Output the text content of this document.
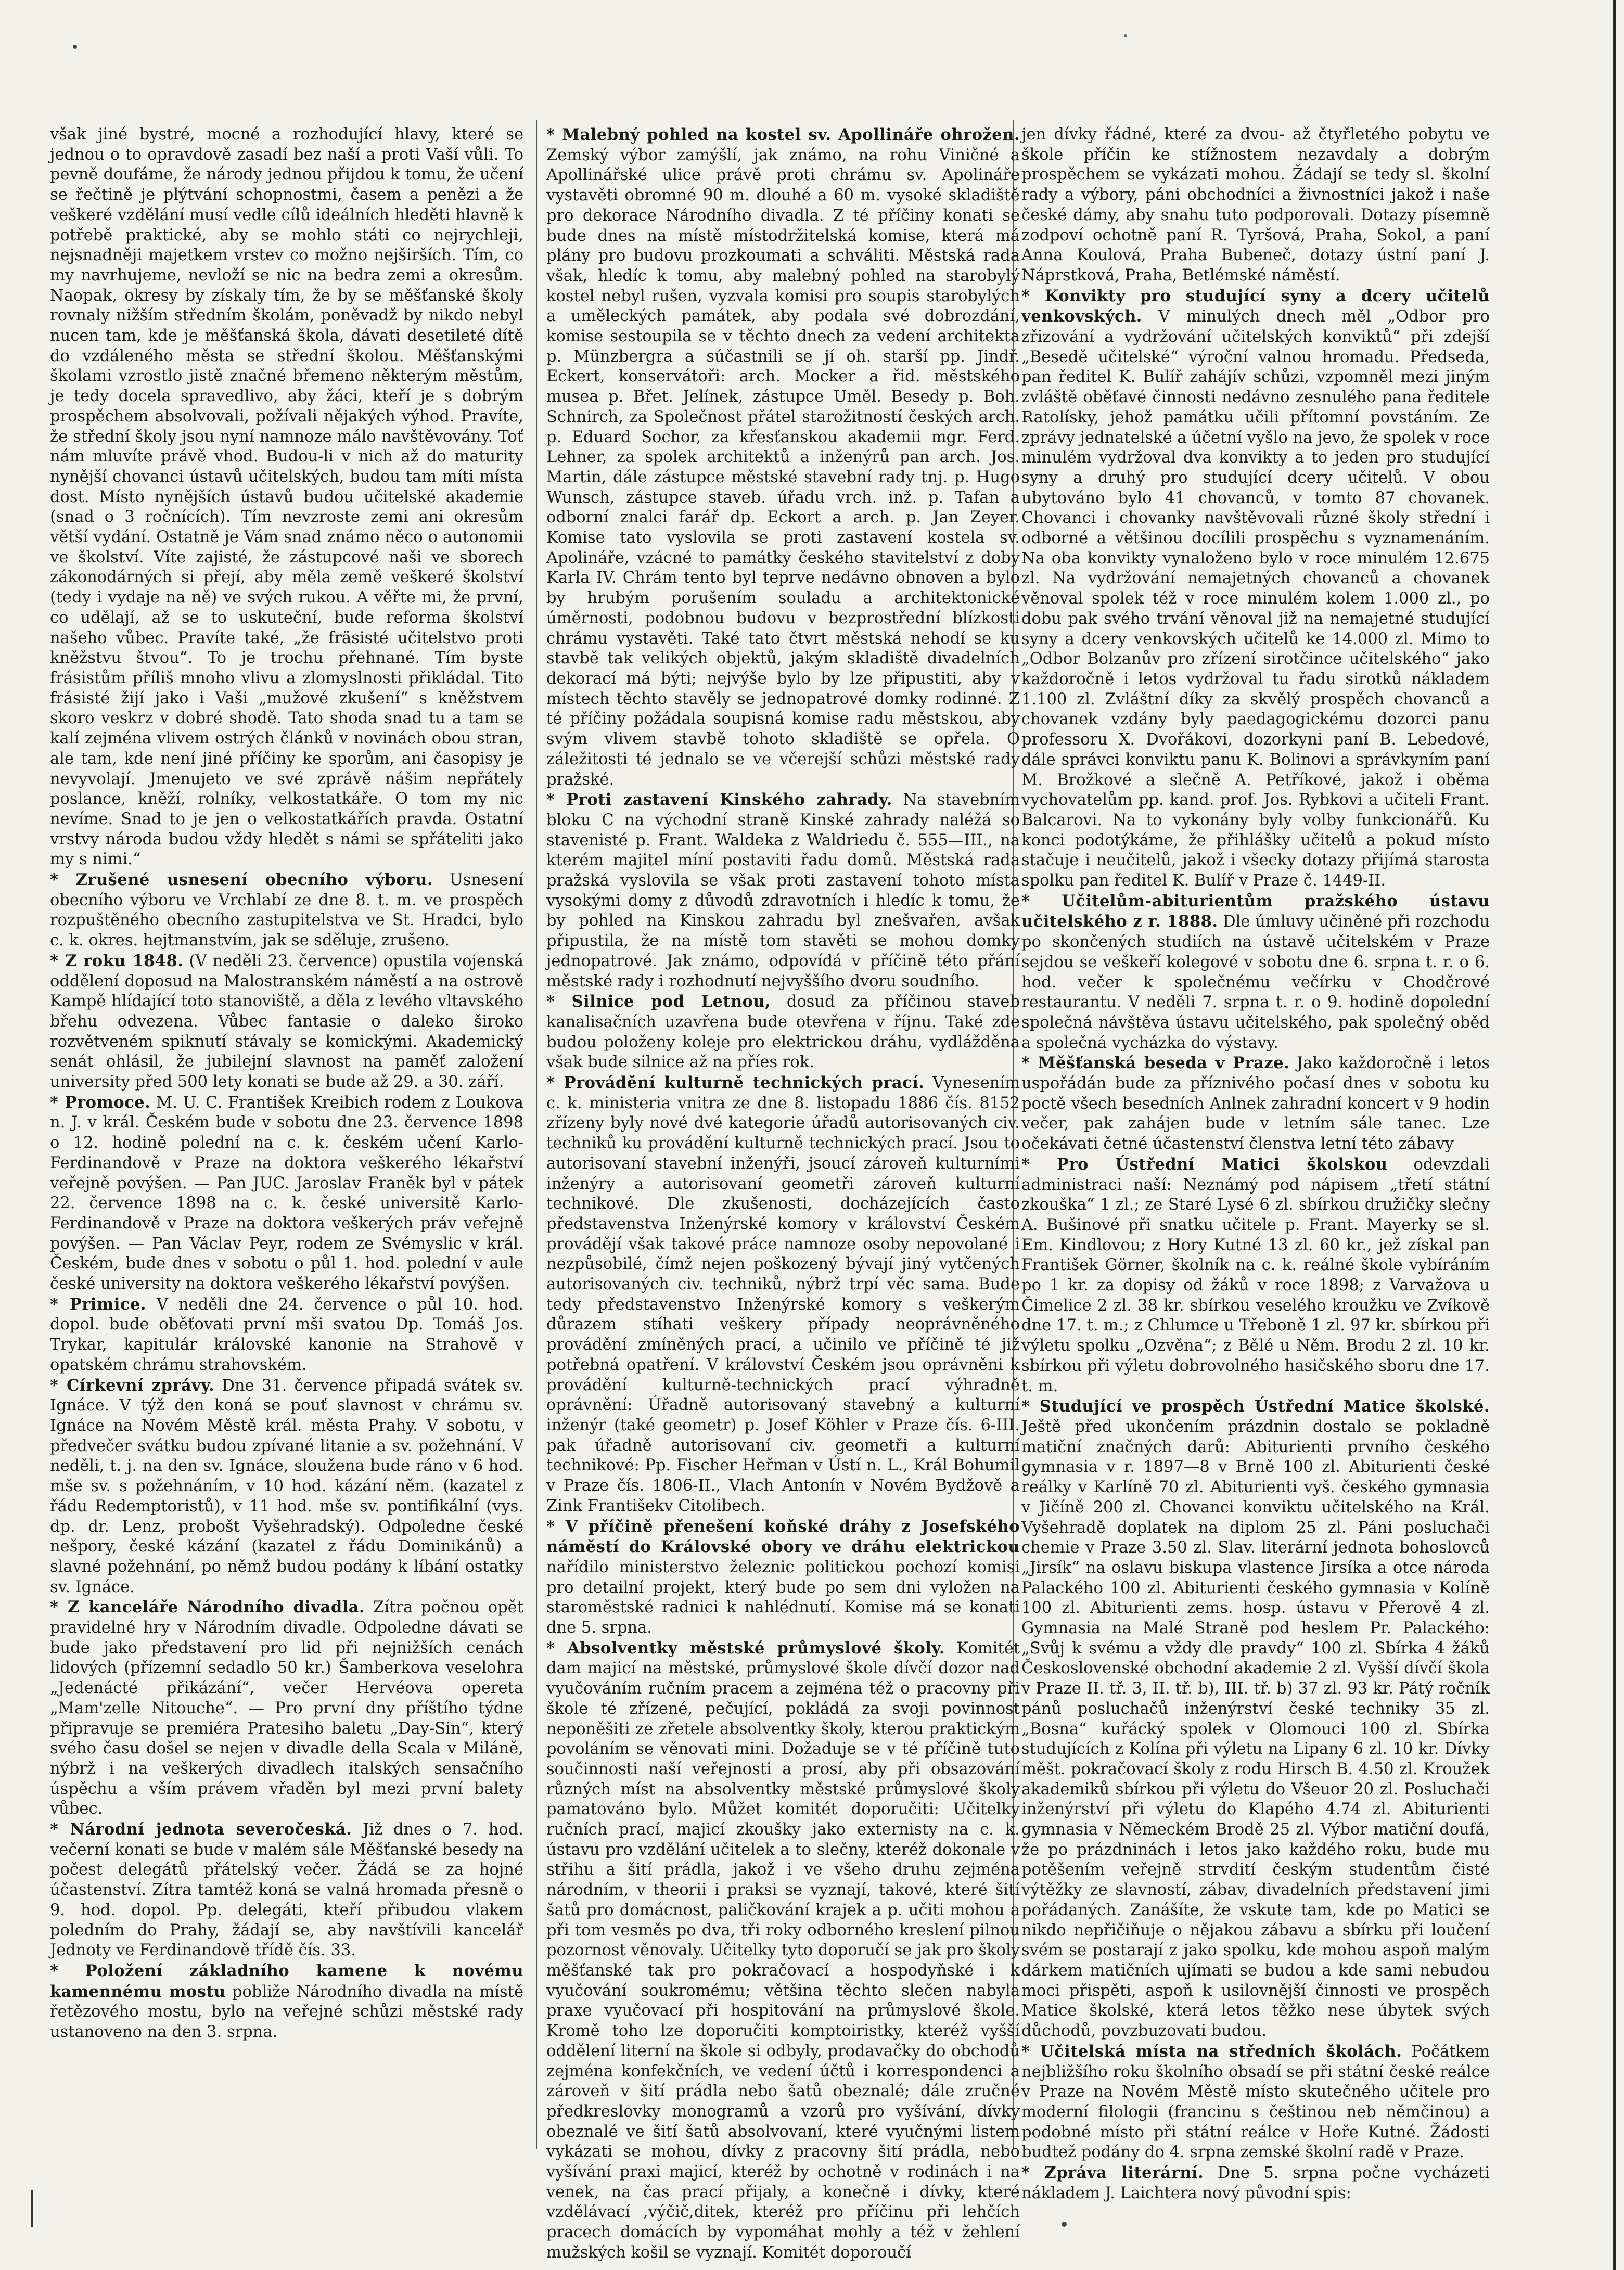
však jiné bystré, mocné a rozhodující hlavy, které se jednou o to opravdově zasadí bez naší a proti Vaší vůli. To pevně doufáme, že národy jednou přijdou k tomu, že učení se řečtině je plýtvání schopnostmi, časem a penězi a že veškeré vzdělání musí vedle cílů ideálních hleděti hlavně k potřebě praktické, aby se mohlo státi co nejrychleji, nejsnadněji majetkem vrstev co možno nejširších. Tím, co my navrhujeme, nevloží se nic na bedra zemi a okresům. Naopak, okresy by získaly tím, že by se měšťanské školy rovnaly nižším středním školám, poněvadž by nikdo nebyl nucen tam, kde je měšťanská škola, dávati desetileté dítě do vzdáleného města se střední školou. Měšťanskými školami vzrostlo jistě značné břemeno některým městům, je tedy docela spravedlivo, aby žáci, kteří je s dobrým prospěchem absolvovali, požívali nějakých výhod. Pravíte, že střední školy jsou nyní namnoze málo navštěvovány. Toť nám mluvíte právě vhod. Budou-li v nich až do maturity nynější chovanci ústavů učitelských, budou tam míti místa dost. Místo nynějších ústavů budou učitelské akademie (snad o 3 ročnících). Tím nevzroste zemi ani okresům větší vydání. Ostatně je Vám snad známo něco o autonomii ve školství. Víte zajisté, že zástupcové naši ve sborech zákonodárných si přejí, aby měla země veškeré školství (tedy i vydaje na ně) ve svých rukou. A věřte mi, že první, co udělají, až se to uskuteční, bude reforma školství našeho vůbec. Pravíte také, „že fräsisté učitelstvo proti kněžstvu štvou“. To je trochu přehnané. Tím byste frásistům příliš mnoho vlivu a zlomyslnosti přikládal. Tito frásisté žijí jako i Vaši „mužové zkušení“ s kněžstvem skoro veskrz v dobré shodě. Tato shoda snad tu a tam se kalí zejména vlivem ostrých článků v novinách obou stran, ale tam, kde není jiné příčiny ke sporům, ani časopisy je nevyvolají. Jmenujeto ve své zprávě nášim nepřátely poslance, kněží, rolníky, velkostatkáře. O tom my nic nevíme. Snad to je jen o velkostatkářích pravda. Ostatní vrstvy národa budou vždy hledět s námi se spřáteliti jako my s nimi.“

* Zrušené usnesení obecního výboru. Usnesení obecního výboru ve Vrchlabí ze dne 8. t. m. ve prospěch rozpuštěného obecního zastupitelstva ve St. Hradci, bylo c. k. okres. hejtmanstvím, jak se sděluje, zrušeno.

* Z roku 1848. (V neděli 23. července) opustila vojenská oddělení doposud na Malostranském náměstí a na ostrově Kampě hlídající toto stanoviště, a děla z levého vltavského břehu odvezena. Vůbec fantasie o daleko široko rozvětveném spiknutí stávaly se komickými. Akademický senát ohlásil, že jubilejní slavnost na paměť založení university před 500 lety konati se bude až 29. a 30. září.

* Promoce. M. U. C. František Kreibich rodem z Loukova n. J. v král. Českém bude v sobotu dne 23. července 1898 o 12. hodině polední na c. k. českém učení Karlo-Ferdinandově v Praze na doktora veškerého lékařství veřejně povýšen. — Pan JUC. Jaroslav Franěk byl v pátek 22. července 1898 na c. k. české universitě Karlo-Ferdinandově v Praze na doktora veškerých práv veřejně povýšen. — Pan Václav Peyr, rodem ze Svémyslic v král. Českém, bude dnes v sobotu o půl 1. hod. polední v aule české university na doktora veškerého lékařství povýšen.

* Primice. V neděli dne 24. července o půl 10. hod. dopol. bude oběťovati první mši svatou Dp. Tomáš Jos. Trykar, kapitulár královské kanonie na Strahově v opatském chrámu strahovském.

* Církevní zprávy. Dne 31. července připadá svátek sv. Ignáce. V týž den koná se pouť slavnost v chrámu sv. Ignáce na Novém Městě král. města Prahy. V sobotu, v předvečer svátku budou zpívané litanie a sv. požehnání. V neděli, t. j. na den sv. Ignáce, sloužena bude ráno v 6 hod. mše sv. s požehnáním, v 10 hod. kázání něm. (kazatel z řádu Redemptoristů), v 11 hod. mše sv. pontifikální (vys. dp. dr. Lenz, probošt Vyšehradský). Odpoledne české nešpory, české kázání (kazatel z řádu Dominikánů) a slavné požehnání, po němž budou podány k líbání ostatky sv. Ignáce.

* Z kanceláře Národního divadla. Zítra počnou opět pravidelné hry v Národním divadle. Odpoledne dávati se bude jako představení pro lid při nejnižších cenách lidových (přízemní sedadlo 50 kr.) Šamberkova veselohra „Jedenácté přikázání“, večer Hervéova opereta „Mam'zelle Nitouche“. — Pro první dny příštího týdne připravuje se premiéra Pratesiho baletu „Day-Sin“, který svého času došel se nejen v divadle della Scala v Miláně, nýbrž i na veškerých divadlech italských sensačního úspěchu a vším právem vřaděn byl mezi první balety vůbec.

* Národní jednota severočeská. Již dnes o 7. hod. večerní konati se bude v malém sále Měšťanské besedy na počest delegátů přátelský večer. Žádá se za hojné účastenství. Zítra tamtéž koná se valná hromada přesně o 9. hod. dopol. Pp. delegáti, kteří přibudou vlakem poledním do Prahy, žádají se, aby navštívili kancelář Jednoty ve Ferdinandově třídě čís. 33.

* Položení základního kamene k novému kamennému mostu pobliže Národního divadla na místě řetězového mostu, bylo na veřejné schůzi městské rady ustanoveno na den 3. srpna.

* Malebný pohled na kostel sv. Apollináře ohrožen. Zemský výbor zamýšlí, jak známo, na rohu Viničné a Apollinářské ulice právě proti chrámu sv. Apolináře vystavěti obromné 90 m. dlouhé a 60 m. vysoké skladiště pro dekorace Národního divadla. Z té příčiny konati se bude dnes na místě místodržitelská komise, která má plány pro budovu prozkoumati a schváliti. Městská rada však, hledíc k tomu, aby malebný pohled na starobylý kostel nebyl rušen, vyzvala komisi pro soupis starobylých a uměleckých památek, aby podala své dobrozdání, komise sestoupila se v těchto dnech za vedení architekta p. Münzbergra a súčastnili se jí oh. starší pp. Jindř. Eckert, konservátoři: arch. Mocker a řid. městského musea p. Břet. Jelínek, zástupce Uměl. Besedy p. Boh. Schnirch, za Společnost přátel starožitností českých arch. p. Eduard Sochor, za křesťanskou akademii mgr. Ferd. Lehner, za spolek architektů a inženýrů pan arch. Jos. Martin, dále zástupce městské stavební rady tnj. p. Hugo Wunsch, zástupce staveb. úřadu vrch. inž. p. Tafan a odborní znalci farář dp. Eckort a arch. p. Jan Zeyer. Komise tato vyslovila se proti zastavení kostela sv. Apolináře, vzácné to památky českého stavitelství z doby Karla IV. Chrám tento byl teprve nedávno obnoven a bylo by hrubým porušením souladu a architektonické úměrnosti, podobnou budovu v bezprostřední blízkosti chrámu vystavěti. Také tato čtvrt městská nehodí se ku stavbě tak velikých objektů, jakým skladiště divadelních dekorací má býti; nejvýše bylo by lze připustiti, aby v místech těchto stavěly se jednopatrové domky rodinné. Z té příčiny požádala soupisná komise radu městskou, aby svým vlivem stavbě tohoto skladiště se opřela. O záležitosti té jednalo se ve včerejší schůzi městské rady pražské.

* Proti zastavení Kinského zahrady. Na stavebním bloku C na východní straně Kinské zahrady naléžá so stavenisté p. Frant. Waldeka z Waldriedu č. 555—III., na kterém majitel míní postaviti řadu domů. Městská rada pražská vyslovila se však proti zastavení tohoto místa vysokými domy z důvodů zdravotních i hledíc k tomu, že by pohled na Kinskou zahradu byl znešvařen, avšak připustila, že na místě tom stavěti se mohou domky jednopatrové. Jak známo, odpovídá v příčině této přání městské rady i rozhodnutí nejvyššího dvoru soudního.

* Silnice pod Letnou, dosud za příčinou staveb kanalisačních uzavřena bude otevřena v říjnu. Také zde budou položeny koleje pro elektrickou dráhu, vydlážděna však bude silnice až na příes rok.

* Provádění kulturně technických prací. Vynesením c. k. ministeria vnitra ze dne 8. listopadu 1886 čís. 8152 zřízeny byly nové dvé kategorie úřadů autorisovaných civ. techniků ku provádění kulturně technických prací. Jsou to autorisovaní stavební inženýři, jsoucí zároveň kulturními inženýry a autorisovaní geometři zároveň kulturní technikové. Dle zkušenosti, docházejících často představenstva Inženýrské komory v království Českém provádějí však takové práce namnoze osoby nepovolané i nezpůsobilé, čímž nejen poškozený bývají jiný vytčených autorisovaných civ. techniků, nýbrž trpí věc sama. Bude tedy představenstvo Inženýrské komory s veškerým důrazem stíhati veškery případy neoprávněného provádění zmíněných prací, a učinilo ve příčině té již potřebná opatření. V království Českém jsou oprávněni k provádění kulturně-technických prací výhradně oprávnění: Úřadně autorisovaný stavebný a kulturní inženýr (také geometr) p. Josef Köhler v Praze čís. 6-III. pak úřadně autorisovaní civ. geometři a kulturní technikové: Pp. Fischer Heřman v Ústí n. L., Král Bohumil v Praze čís. 1806-II., Vlach Antonín v Novém Bydžově a Zink Františekv Citolibech.

* V příčině přenešení koňské dráhy z Josefského náměstí do Královské obory ve dráhu elektrickou nařídilo ministerstvo železnic politickou pochozí komisi pro detailní projekt, který bude po sem dni vyložen na staroměstské radnici k nahlédnutí. Komise má se konati dne 5. srpna.

* Absolventky městské průmyslové školy. Komitét dam majicí na městské, průmyslové škole dívčí dozor nad vyučováním ručním pracem a zejména též o pracovny při škole té zřízené, pečující, pokládá za svoji povinnost neponěšiti ze zřetele absolventky školy, kterou praktickým povoláním se věnovati mini. Dožaduje se v té příčině tuto součinnosti naší veřejnosti a prosí, aby při obsazování různých míst na absolventky městské průmyslové školy pamatováno bylo. Můžet komitét doporučiti: Učitelky ručních prací, majicí zkoušky jako externisty na c. k. ústavu pro vzdělání učitelek a to slečny, kteréž dokonale v střihu a šití prádla, jakož i ve všeho druhu zejména národním, v theorii i praksi se vyznají, takové, které šití šatů pro domácnost, paličkování krajek a p. učiti mohou a při tom vesměs po dva, tři roky odborného kreslení pilnou pozornost věnovaly. Učitelky tyto doporučí se jak pro školy měšťanské tak pro pokračovací a hospodyňské i k vyučování soukromému; většina těchto slečen nabyla praxe vyučovací při hospitování na průmyslové škole. Kromě toho lze doporučiti komptoiristky, kteréž vyšší oddělení literní na škole si odbyly, prodavačky do obchodů zejména konfekčních, ve vedení účtů i korrespondenci a zároveň v šití prádla nebo šatů obeznalé; dále zručné předkreslovky monogramů a vzorů pro vyšívání, dívky obeznalé ve šití šatů absolvovaní, které vyučnými listem vykázati se mohou, dívky z pracovny šití prádla, nebo vyšívání praxi majicí, kteréž by ochotně v rodinách i na venek, na čas prací přijaly, a konečně i dívky, které vzdělávací ,výčič,ditek, kteréž pro příčinu při lehčích pracech domácích by vypomáhat mohly a též v žehlení mužských košil se vyznají. Komitét doporoučí

jen dívky řádné, které za dvou- až čtyřletého pobytu ve škole příčin ke stížnostem nezavdaly a dobrým prospěchem se vykázati mohou. Žádají se tedy sl. školní rady a výbory, páni obchodníci a živnostníci jakož i naše české dámy, aby snahu tuto podporovali. Dotazy písemně zodpoví ochotně paní R. Tyršová, Praha, Sokol, a paní Anna Koulová, Praha Bubeneč, dotazy ústní paní J. Náprstková, Praha, Betlémské náměstí.

* Konvikty pro studující syny a dcery učitelů venkovských. V minulých dnech měl „Odbor pro zřizování a vydržování učitelských konviktů“ při zdejší „Besedě učitelské“ výroční valnou hromadu. Předseda, pan ředitel K. Bulíř zahájív schůzi, vzpomněl mezi jiným zvláště oběťavé činnosti nedávno zesnulého pana ředitele Ratolísky, jehož památku učili přítomní povstáním. Ze zprávy jednatelské a účetní vyšlo na jevo, že spolek v roce minulém vydržoval dva konvikty a to jeden pro studující syny a druhý pro studující dcery učitelů. V obou ubytováno bylo 41 chovanců, v tomto 87 chovanek. Chovanci i chovanky navštěvovali různé školy střední i odborné a většinou docílili prospěchu s vyznamenáním. Na oba konvikty vynaloženo bylo v roce minulém 12.675 zl. Na vydržování nemajetných chovanců a chovanek věnoval spolek též v roce minulém kolem 1.000 zl., po dobu pak svého trvání věnoval již na nemajetné studující syny a dcery venkovských učitelů ke 14.000 zl. Mimo to „Odbor Bolzanův pro zřízení sirotčince učitelského“ jako každoročně i letos vydržoval tu řadu sirotků nákladem 1.100 zl. Zvláštní díky za skvělý prospěch chovanců a chovanek vzdány byly paedagogickému dozorci panu professoru X. Dvořákovi, dozorkyni paní B. Lebedové, dále správci konviktu panu K. Bolinovi a správkyním paní M. Brožkové a slečně A. Petříkové, jakož i oběma vychovatelům pp. kand. prof. Jos. Rybkovi a učiteli Frant. Balcarovi. Na to vykonány byly volby funkcionářů. Ku konci podotýkáme, že přihlášky učitelů a pokud místo stačuje i neučitelů, jakož i všecky dotazy přijímá starosta spolku pan ředitel K. Bulíř v Praze č. 1449-II.

* Učitelům-abiturientům pražského ústavu učitelského z r. 1888. Dle úmluvy učiněné při rozchodu po skončených studiích na ústavě učitelském v Praze sejdou se veškeří kolegové v sobotu dne 6. srpna t. r. o 6. hod. večer k společnému večírku v Chodčrové restaurantu. V neděli 7. srpna t. r. o 9. hodině dopolední společná návštěva ústavu učitelského, pak společný oběd a společná vycházka do výstavy.

* Měšťanská beseda v Praze. Jako každoročně i letos uspořádán bude za příznivého počasí dnes v sobotu ku poctě všech besedních Anlnek zahradní koncert v 9 hodin večer, pak zahájen bude v letním sále tanec. Lze očekávati četné účastenství členstva letní této zábavy

* Pro Ústřední Matici školskou odevzdali administraci naší: Neznámý pod nápisem „třetí státní zkouška“ 1 zl.; ze Staré Lysé 6 zl. sbírkou družičky slečny A. Bušinové při snatku učitele p. Frant. Mayerky se sl. Em. Kindlovou; z Hory Kutné 13 zl. 60 kr., jež získal pan František Görner, školník na c. k. reálné škole vybíráním po 1 kr. za dopisy od žáků v roce 1898; z Varvažova u Čimelice 2 zl. 38 kr. sbírkou veselého kroužku ve Zvíkově dne 17. t. m.; z Chlumce u Třeboně 1 zl. 97 kr. sbírkou při výletu spolku „Ozvěna“; z Bělé u Něm. Brodu 2 zl. 10 kr. sbírkou při výletu dobrovolného hasičského sboru dne 17. t. m.

* Studující ve prospěch Ústřední Matice školské. Ještě před ukončením prázdnin dostalo se pokladně matiční značných darů: Abiturienti prvního českého gymnasia v r. 1897—8 v Brně 100 zl. Abiturienti české reálky v Karlíně 70 zl. Abiturienti vyš. českého gymnasia v Jičíně 200 zl. Chovanci konviktu učitelského na Král. Vyšehradě doplatek na diplom 25 zl. Páni posluchači chemie v Praze 3.50 zl. Slav. literární jednota bohoslovců „Jirsík“ na oslavu biskupa vlastence Jirsíka a otce národa Palackého 100 zl. Abiturienti českého gymnasia v Kolíně 100 zl. Abiturienti zems. hosp. ústavu v Přerově 4 zl. Gymnasia na Malé Straně pod heslem Pr. Palackého: „Svůj k svému a vždy dle pravdy“ 100 zl. Sbírka 4 žáků Československé obchodní akademie 2 zl. Vyšší dívčí škola v Praze II. tř. 3, II. tř. b), III. tř. b) 37 zl. 93 kr. Pátý ročník pánů posluchačů inženýrství české techniky 35 zl. „Bosna“ kuřácký spolek v Olomouci 100 zl. Sbírka studujících z Kolína při výletu na Lipany 6 zl. 10 kr. Dívky měšt. pokračovací školy z rodu Hirsch B. 4.50 zl. Kroužek akademiků sbírkou při výletu do Všeuor 20 zl. Posluchači inženýrství při výletu do Klapého 4.74 zl. Abiturienti gymnasia v Německém Brodě 25 zl. Výbor matiční doufá, že po prázdninách i letos jako každého roku, bude mu potěšením veřejně strvdití českým studentům čisté výtěžky ze slavností, zábav, divadelních představení jimi pořádaných. Zanášíte, že vskute tam, kde po Matici se nikdo nepřičiňuje o nějakou zábavu a sbírku při loučení svém se postarají z jako spolku, kde mohou aspoň malým dárkem matičních ujímati se budou a kde sami nebudou moci přispěti, aspoň k usilovnější činnosti ve prospěch Matice školské, která letos těžko nese úbytek svých důchodů, povzbuzovati budou.

* Učitelská místa na středních školách. Počátkem nejbližšího roku školního obsadí se při státní české reálce v Praze na Novém Městě místo skutečného učitele pro moderní filologii (francinu s češtinou neb němčinou) a podobné místo při státní reálce v Hoře Kutné. Žádosti budtež podány do 4. srpna zemské školní radě v Praze.

* Zpráva literární. Dne 5. srpna počne vycházeti nákladem J. Laichtera nový původní spis:
